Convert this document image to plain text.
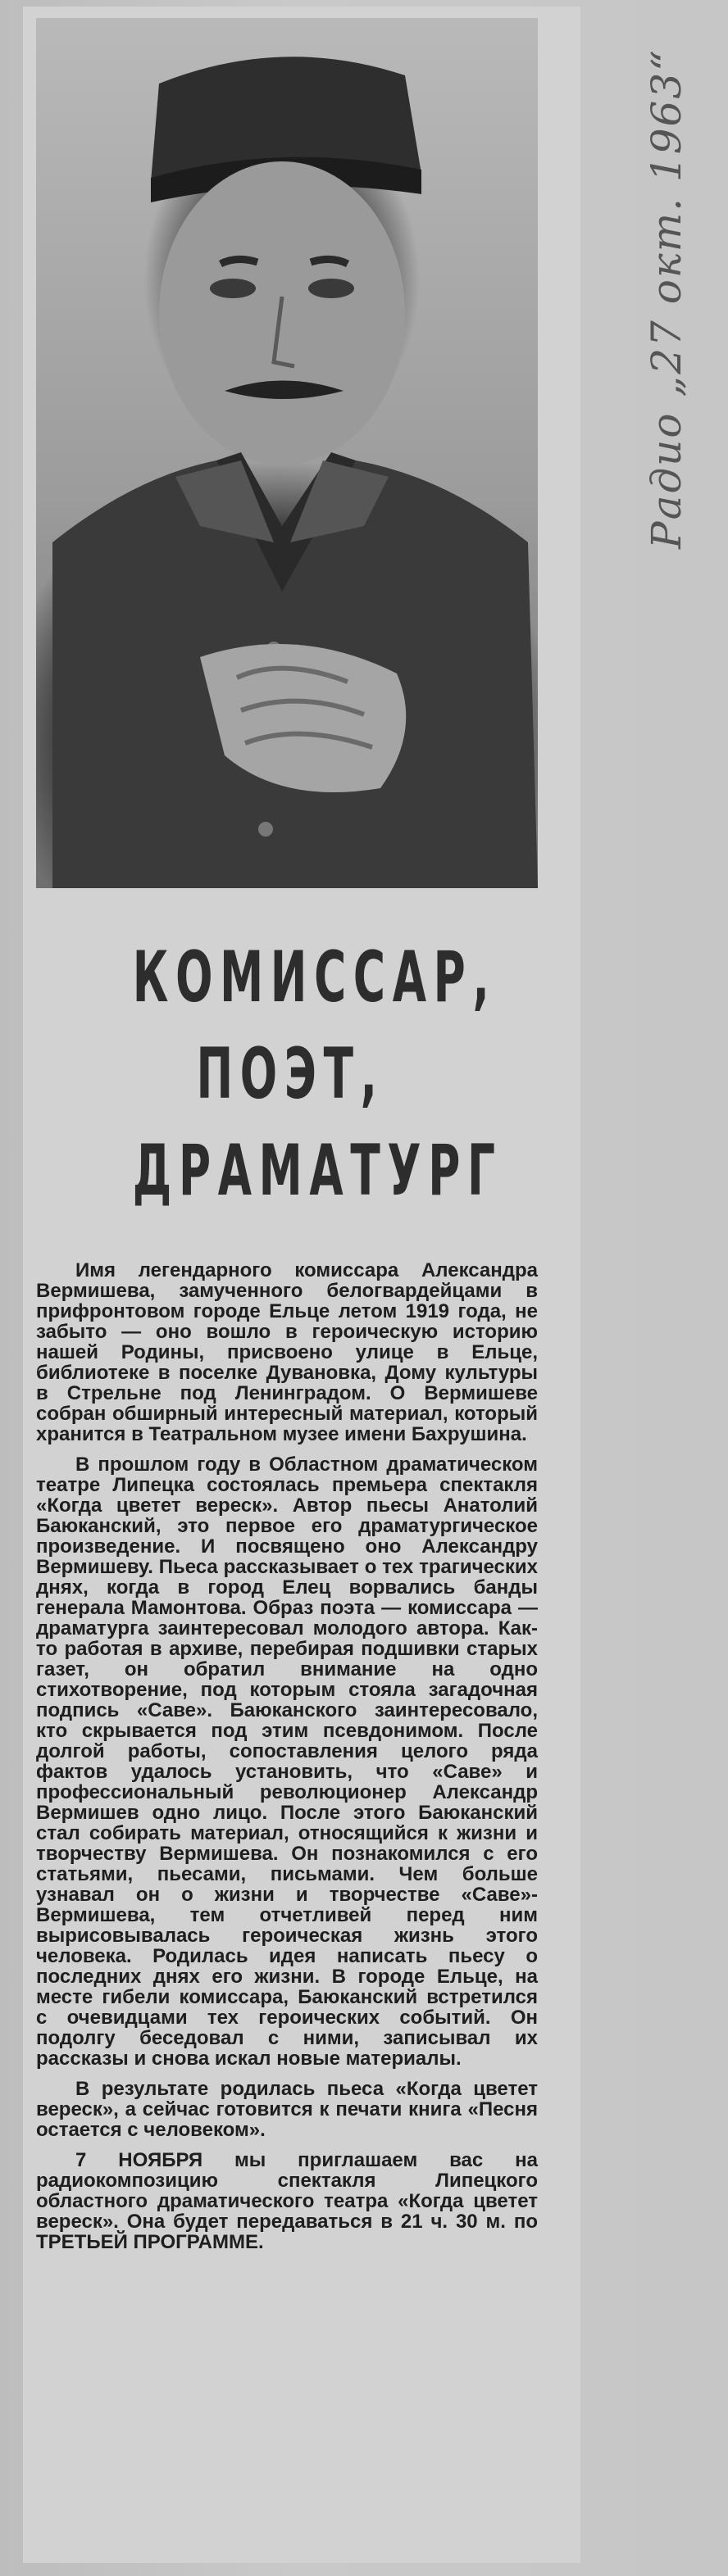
КОМИССАР,
ПОЭТ,
ДРАМАТУРГ

Имя легендарного комиссара Александра Вермишева, замученного белогвардейцами в прифронтовом городе Ельце летом 1919 года, не забыто — оно вошло в героическую историю нашей Родины, присвоено улице в Ельце, библиотеке в поселке Дувановка, Дому культуры в Стрельне под Ленинградом. О Вермишеве собран обширный интересный материал, который хранится в Театральном музее имени Бахрушина.

В прошлом году в Областном драматическом театре Липецка состоялась премьера спектакля «Когда цветет вереск». Автор пьесы Анатолий Баюканский, это первое его драматургическое произведение. И посвящено оно Александру Вермишеву. Пьеса рассказывает о тех трагических днях, когда в город Елец ворвались банды генерала Мамонтова. Образ поэта — комиссара — драматурга заинтересовал молодого автора. Как-то работая в архиве, перебирая подшивки старых газет, он обратил внимание на одно стихотворение, под которым стояла загадочная подпись «Саве». Баюканского заинтересовало, кто скрывается под этим псевдонимом. После долгой работы, сопоставления целого ряда фактов удалось установить, что «Саве» и профессиональный революционер Александр Вермишев одно лицо. После этого Баюканский стал собирать материал, относящийся к жизни и творчеству Вермишева. Он познакомился с его статьями, пьесами, письмами. Чем больше узнавал он о жизни и творчестве «Саве»-Вермишева, тем отчетливей перед ним вырисовывалась героическая жизнь этого человека. Родилась идея написать пьесу о последних днях его жизни. В городе Ельце, на месте гибели комиссара, Баюканский встретился с очевидцами тех героических событий. Он подолгу беседовал с ними, записывал их рассказы и снова искал новые материалы.

В результате родилась пьеса «Когда цветет вереск», а сейчас готовится к печати книга «Песня остается с человеком».

7 НОЯБРЯ мы приглашаем вас на радиокомпозицию спектакля Липецкого областного драматического театра «Когда цветет вереск». Она будет передаваться в 21 ч. 30 м. по ТРЕТЬЕЙ ПРОГРАММЕ.

Радио „27 окт. 1963“
